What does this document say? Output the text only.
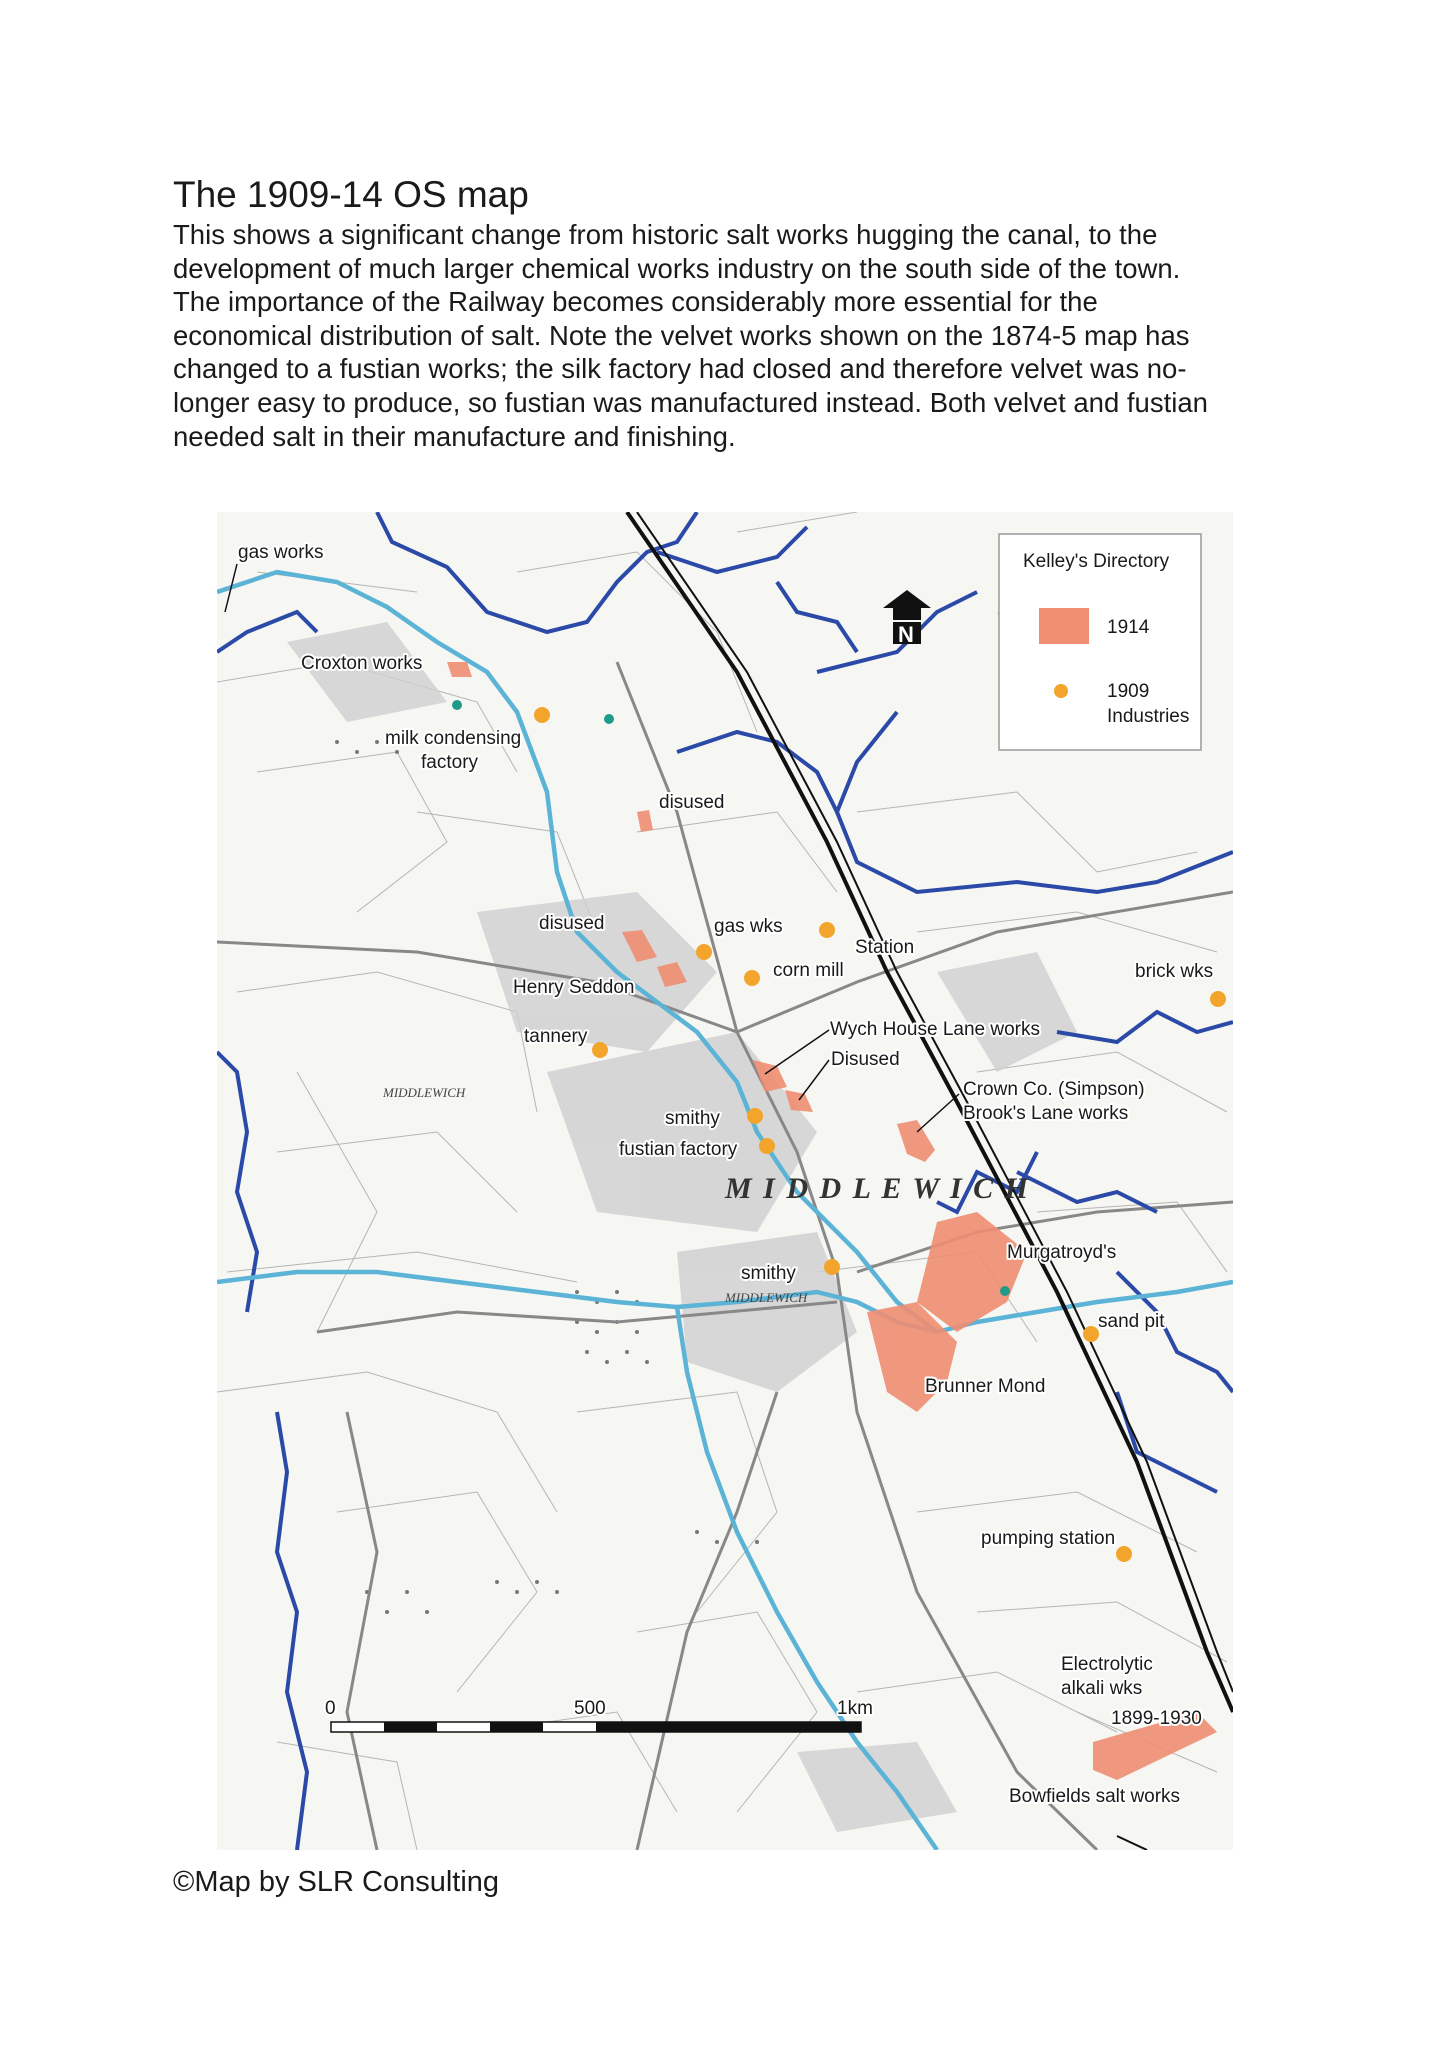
The 1909-14 OS map

This shows a significant change from historic salt works hugging the canal, to the
development of much larger chemical works industry on the south side of the town.
The importance of the Railway becomes considerably more essential for the
economical distribution of salt. Note the velvet works shown on the 1874-5 map has
changed to a fustian works; the silk factory had closed and therefore velvet was no-
longer easy to produce, so fustian was manufactured instead. Both velvet and fustian
needed salt in their manufacture and finishing.

Kelley's Directory
1914
1909
Industries
N
gas works
Croxton works
milk condensing
factory
disused
disused	gas wks
Station
corn mill	brick wks
Henry Seddon
tannery	Wych House Lane works
Disused
Crown Co. (Simpson)
Brook's Lane works
smithy
fustian factory
MIDDLEWICH
M I D D L E W I C H
Murgatroyd's
smithy
MIDDLEWICH
sand pit
Brunner Mond
pumping station
Electrolytic
alkali wks
1899-1930
Bowfields salt works
0	500	1km
©Map by SLR Consulting
